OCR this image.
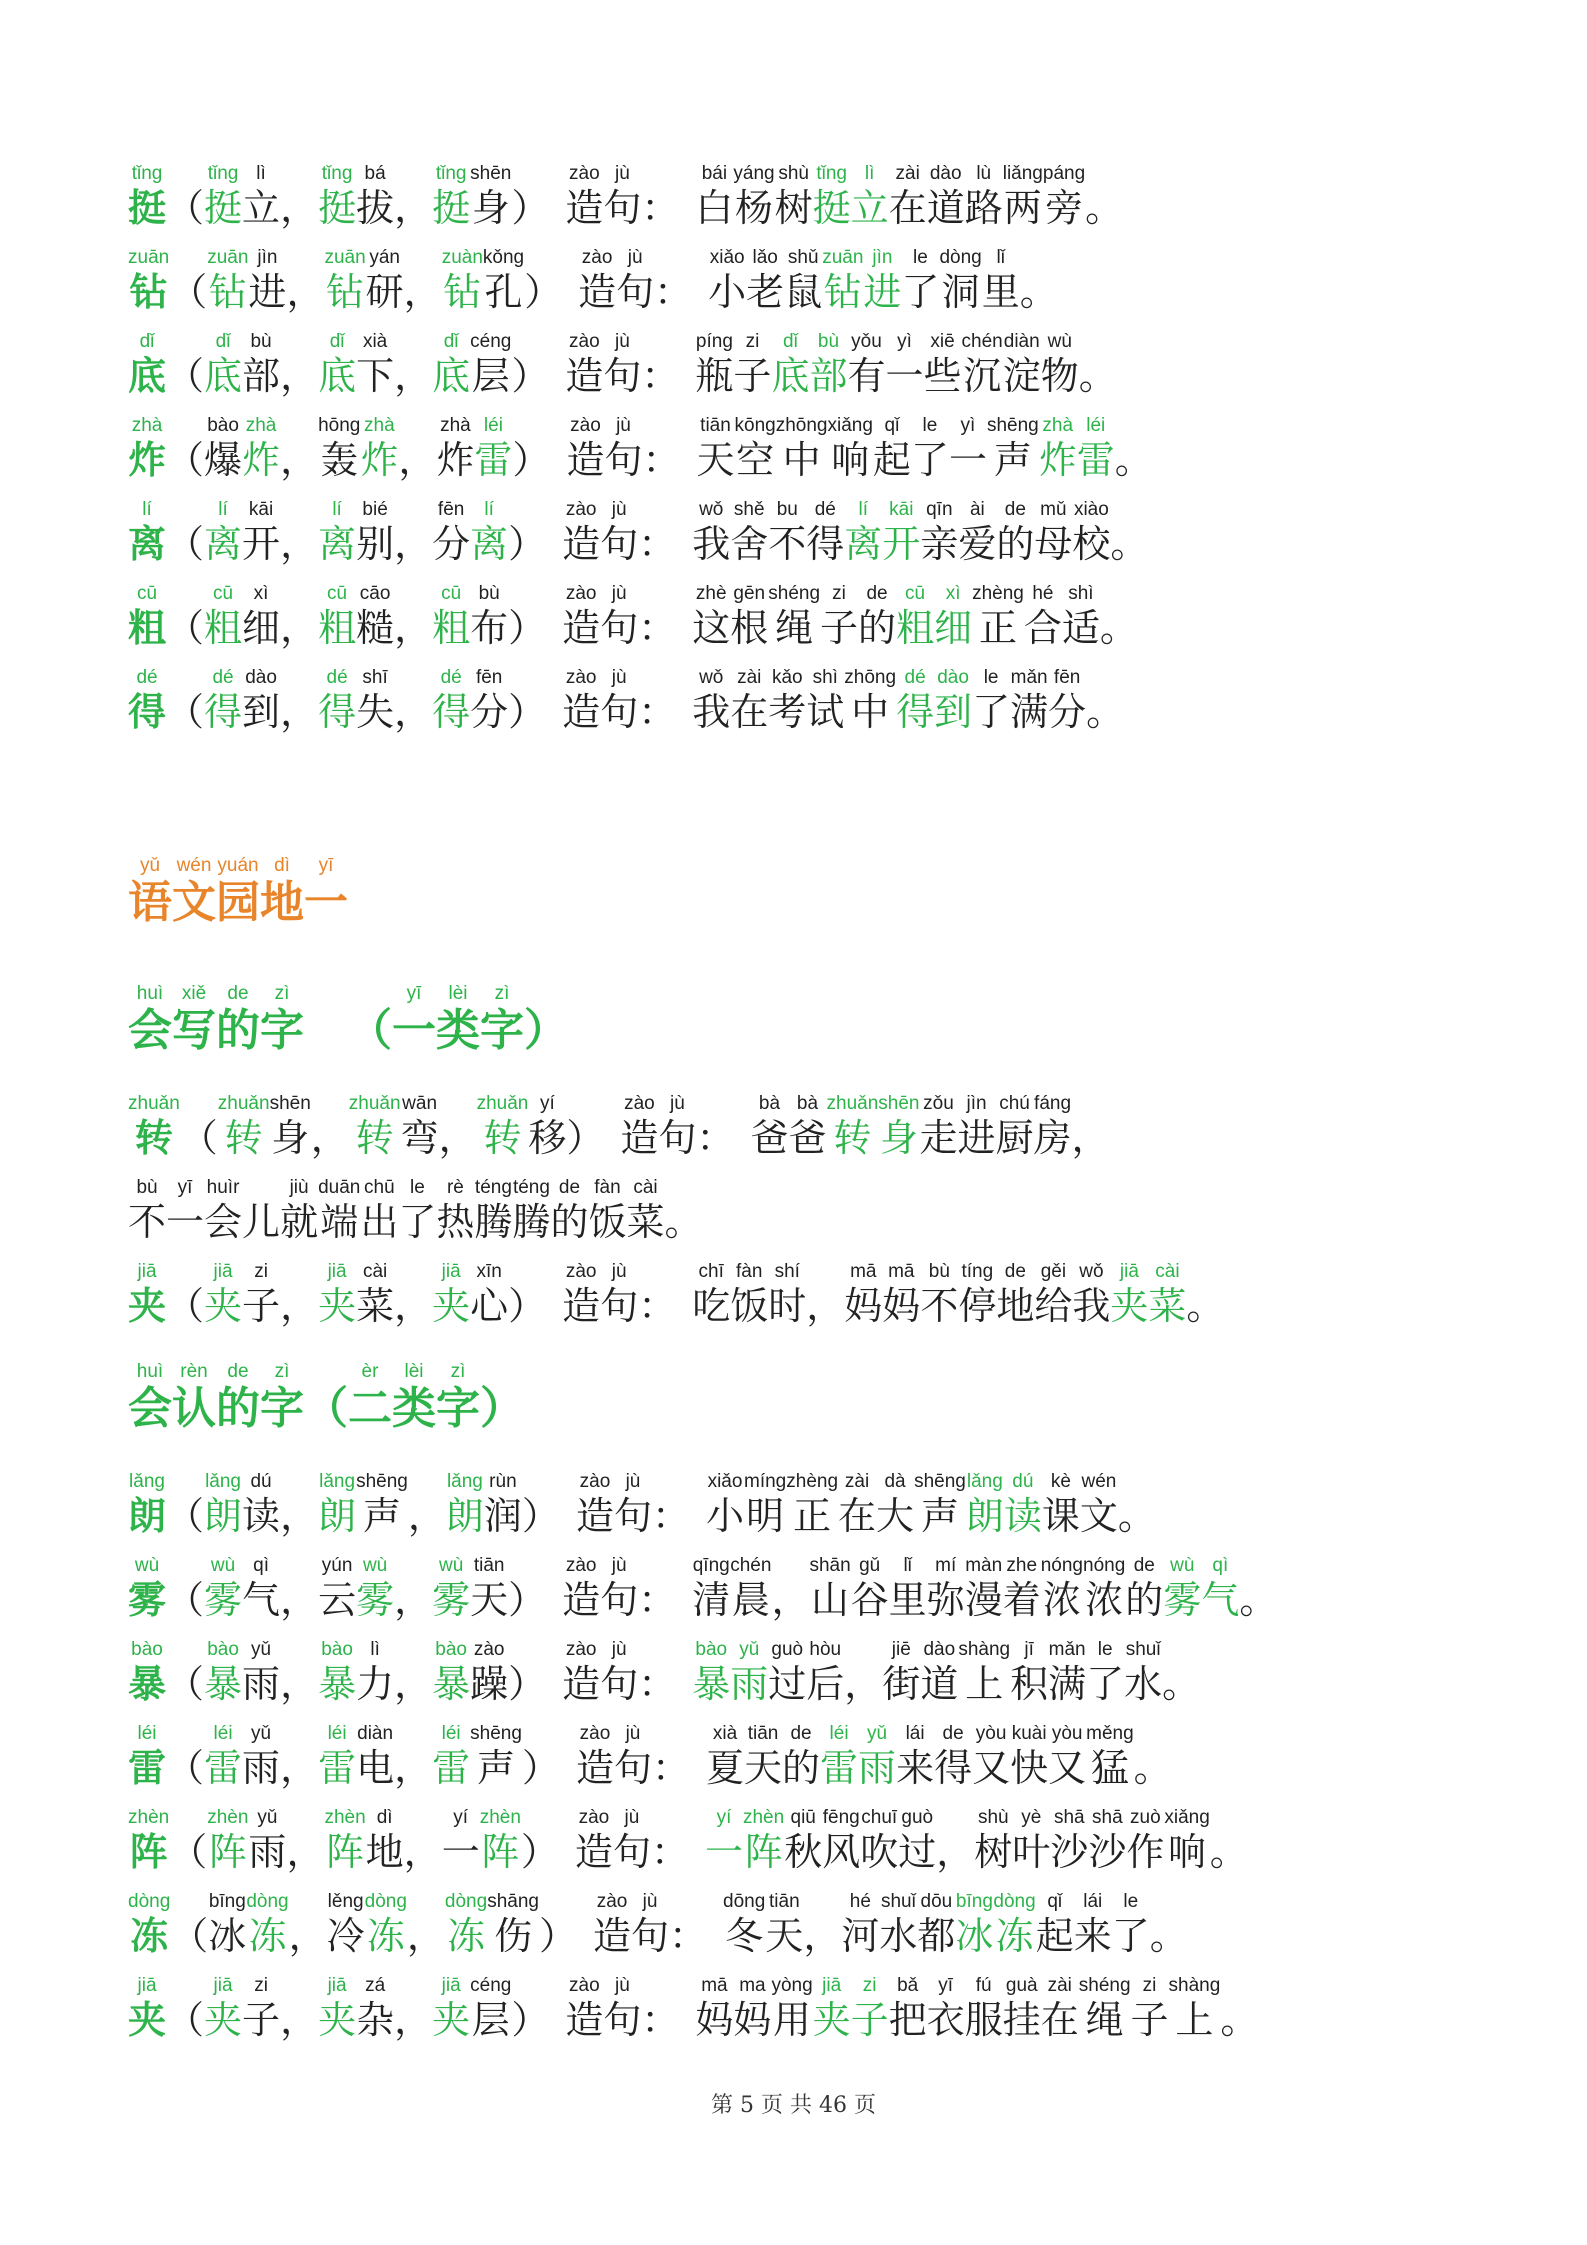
tǐng
挺 （
tǐng
挺
lì
立 ，
tǐng
挺
bá
拔 ，
tǐng
挺
shēn
身 ）
zào
造
jù
句 ：
bái
白
yáng
杨
shù
树
tǐng
挺
lì
立
zài
在
dào
道
lù
路
liǎng
两
páng
旁 。
zuān
钻 （
zuān
钻
jìn
进 ，
zuān
钻
yán
研 ，
zuàn
钻
kǒng
孔 ）
zào
造
jù
句 ：
xiǎo
小
lǎo
老
shǔ
鼠
zuān
钻
jìn
进
le
了
dòng
洞
lǐ
里 。
dǐ
底 （
dǐ
底
bù
部 ，
dǐ
底
xià
下 ，
dǐ
底
céng
层 ）
zào
造
jù
句 ：
píng
瓶
zi
子
dǐ
底
bù
部
yǒu
有
yì
一
xiē
些
chén
沉
diàn
淀
wù
物 。
zhà
炸 （
bào
爆
zhà
炸 ，
hōng
轰
zhà
炸 ，
zhà
炸
léi
雷 ）
zào
造
jù
句 ：
tiān
天
kōng
空
zhōng
中
xiǎng
响
qǐ
起
le
了
yì
一
shēng
声
zhà
炸
léi
雷 。
lí
离 （
lí
离
kāi
开 ，
lí
离
bié
别 ，
fēn
分
lí
离 ）
zào
造
jù
句 ：
wǒ
我
shě
舍
bu
不
dé
得
lí
离
kāi
开
qīn
亲
ài
爱
de
的
mǔ
母
xiào
校 。
cū
粗 （
cū
粗
xì
细 ，
cū
粗
cāo
糙 ，
cū
粗
bù
布 ）
zào
造
jù
句 ：
zhè
这
gēn
根
shéng
绳
zi
子
de
的
cū
粗
xì
细
zhèng
正
hé
合
shì
适 。
dé
得 （
dé
得
dào
到 ，
dé
得
shī
失 ，
dé
得
fēn
分 ）
zào
造
jù
句 ：
wǒ
我
zài
在
kǎo
考
shì
试
zhōng
中
dé
得
dào
到
le
了
mǎn
满
fēn
分 。
yǔ
语
wén
文
yuán
园
dì
地
yī
一
huì
会
xiě
写
de
的
zì
字
　 （
yī
一
lèi
类
zì
字 ）
zhuǎn
转 （
zhuǎn
转
shēn
身 ，
zhuǎn
转
wān
弯 ，
zhuǎn
转
yí
移 ）
zào
造
jù
句 ：
bà
爸
bà
爸
zhuǎn
转
shēn
身
zǒu
走
jìn
进
chú
厨
fáng
房 ，
bù
不
yī
一
huìr
会 儿
jiù
就
duān
端
chū
出
le
了
rè
热
téng
腾
téng
腾
de
的
fàn
饭
cài
菜 。
jiā
夹 （
jiā
夹
zi
子 ，
jiā
夹
cài
菜 ，
jiā
夹
xīn
心 ）
zào
造
jù
句 ：
chī
吃
fàn
饭
shí
时 ，
mā
妈
mā
妈
bù
不
tíng
停
de
地
gěi
给
wǒ
我
jiā
夹
cài
菜 。
huì
会
rèn
认
de
的
zì
字 （
èr
二
lèi
类
zì
字 ）
lǎng
朗 （
lǎng
朗
dú
读 ，
lǎng
朗
shēng
声 ，
lǎng
朗
rùn
润 ）
zào
造
jù
句 ：
xiǎo
小
míng
明
zhèng
正
zài
在
dà
大
shēng
声
lǎng
朗
dú
读
kè
课
wén
文 。
wù
雾 （
wù
雾
qì
气 ，
yún
云
wù
雾 ，
wù
雾
tiān
天 ）
zào
造
jù
句 ：
qīng
清
chén
晨 ，
shān
山
gǔ
谷
lǐ
里
mí
弥
màn
漫
zhe
着
nóng
浓
nóng
浓
de
的
wù
雾
qì
气 。
bào
暴 （
bào
暴
yǔ
雨 ，
bào
暴
lì
力 ，
bào
暴
zào
躁 ）
zào
造
jù
句 ：
bào
暴
yǔ
雨
guò
过
hòu
后 ，
jiē
街
dào
道
shàng
上
jī
积
mǎn
满
le
了
shuǐ
水 。
léi
雷 （
léi
雷
yǔ
雨 ，
léi
雷
diàn
电 ，
léi
雷
shēng
声 ）
zào
造
jù
句 ：
xià
夏
tiān
天
de
的
léi
雷
yǔ
雨
lái
来
de
得
yòu
又
kuài
快
yòu
又
měng
猛 。
zhèn
阵 （
zhèn
阵
yǔ
雨 ，
zhèn
阵
dì
地 ，
yí
一
zhèn
阵 ）
zào
造
jù
句 ：
yí
一
zhèn
阵
qiū
秋
fēng
风
chuī
吹
guò
过 ，
shù
树
yè
叶
shā
沙
shā
沙
zuò
作
xiǎng
响 。
dòng
冻 （
bīng
冰
dòng
冻 ，
lěng
冷
dòng
冻 ，
dòng
冻
shāng
伤 ）
zào
造
jù
句 ：
dōng
冬
tiān
天 ，
hé
河
shuǐ
水
dōu
都
bīng
冰
dòng
冻
qǐ
起
lái
来
le
了 。
jiā
夹 （
jiā
夹
zi
子 ，
jiā
夹
zá
杂 ，
jiā
夹
céng
层 ）
zào
造
jù
句 ：
mā
妈
ma
妈
yòng
用
jiā
夹
zi
子
bǎ
把
yī
衣
fú
服
guà
挂
zài
在
shéng
绳
zi
子
shàng
上 。
第 5 页 共 46 页
